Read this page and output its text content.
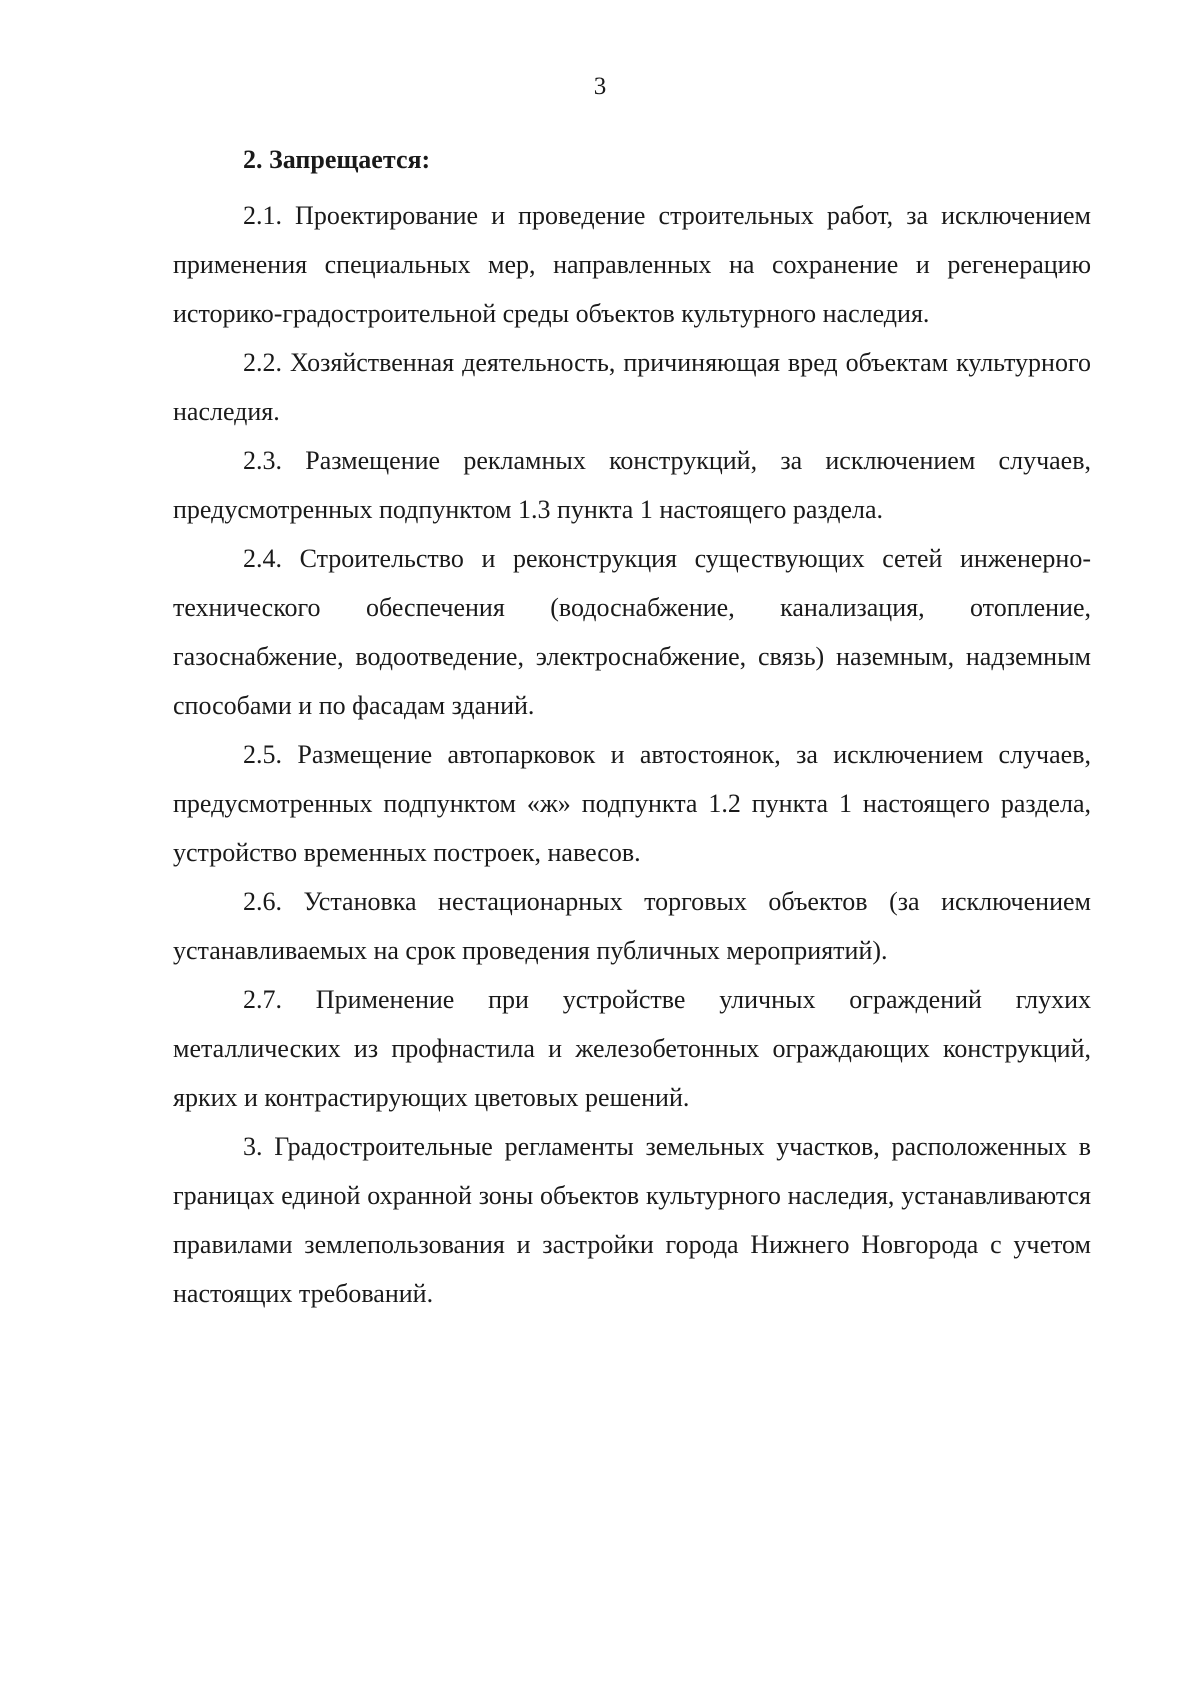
3
2. Запрещается:

2.1. Проектирование и проведение строительных работ, за исключением применения специальных мер, направленных на сохранение и регенерацию историко-градостроительной среды объектов культурного наследия.

2.2. Хозяйственная деятельность, причиняющая вред объектам культурного наследия.

2.3. Размещение рекламных конструкций, за исключением случаев, предусмотренных подпунктом 1.3 пункта 1 настоящего раздела.

2.4. Строительство и реконструкция существующих сетей инженерно-технического обеспечения (водоснабжение, канализация, отопление, газоснабжение, водоотведение, электроснабжение, связь) наземным, надземным способами и по фасадам зданий.

2.5. Размещение автопарковок и автостоянок, за исключением случаев, предусмотренных подпунктом «ж» подпункта 1.2 пункта 1 настоящего раздела, устройство временных построек, навесов.

2.6. Установка нестационарных торговых объектов (за исключением устанавливаемых на срок проведения публичных мероприятий).

2.7. Применение при устройстве уличных ограждений глухих металлических из профнастила и железобетонных ограждающих конструкций, ярких и контрастирующих цветовых решений.

3. Градостроительные регламенты земельных участков, расположенных в границах единой охранной зоны объектов культурного наследия, устанавливаются правилами землепользования и застройки города Нижнего Новгорода с учетом настоящих требований.
